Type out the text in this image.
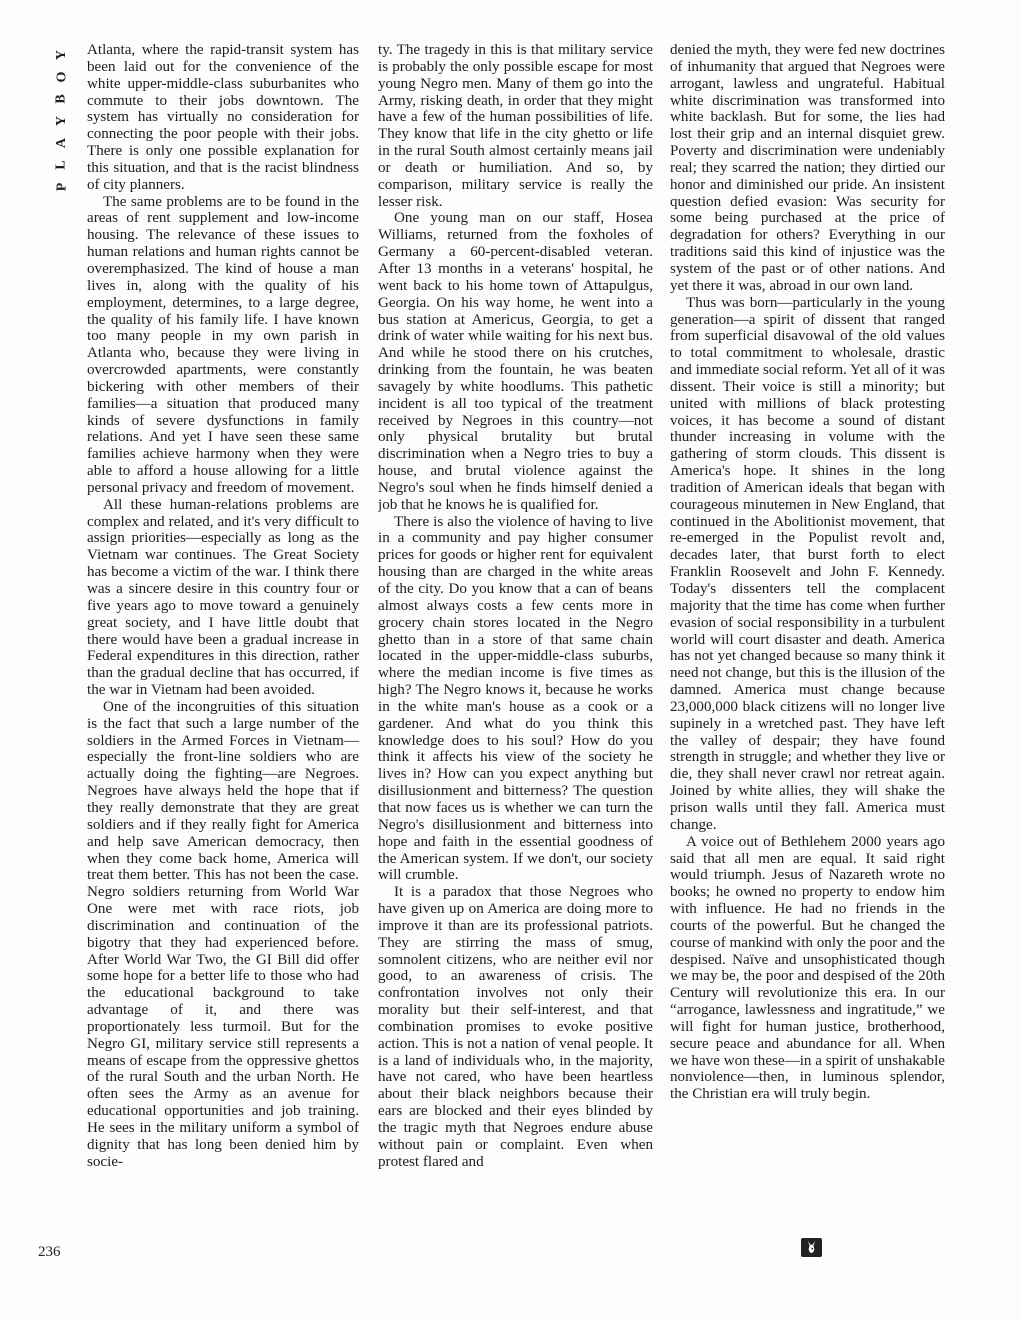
Y
O
B
Y
A
L
P

Atlanta, where the rapid-transit system has been laid out for the convenience of the white upper-middle-class suburbanites who commute to their jobs downtown. The system has virtually no consideration for connecting the poor people with their jobs. There is only one possible explanation for this situation, and that is the racist blindness of city planners.

The same problems are to be found in the areas of rent supplement and low-income housing. The relevance of these issues to human relations and human rights cannot be overemphasized. The kind of house a man lives in, along with the quality of his employment, determines, to a large degree, the quality of his family life. I have known too many people in my own parish in Atlanta who, because they were living in overcrowded apartments, were constantly bickering with other members of their families—a situation that produced many kinds of severe dysfunctions in family relations. And yet I have seen these same families achieve harmony when they were able to afford a house allowing for a little personal privacy and freedom of movement.

All these human-relations problems are complex and related, and it's very difficult to assign priorities—especially as long as the Vietnam war continues. The Great Society has become a victim of the war. I think there was a sincere desire in this country four or five years ago to move toward a genuinely great society, and I have little doubt that there would have been a gradual increase in Federal expenditures in this direction, rather than the gradual decline that has occurred, if the war in Vietnam had been avoided.

One of the incongruities of this situation is the fact that such a large number of the soldiers in the Armed Forces in Vietnam—especially the front-line soldiers who are actually doing the fighting—are Negroes. Negroes have always held the hope that if they really demonstrate that they are great soldiers and if they really fight for America and help save American democracy, then when they come back home, America will treat them better. This has not been the case. Negro soldiers returning from World War One were met with race riots, job discrimination and continuation of the bigotry that they had experienced before. After World War Two, the GI Bill did offer some hope for a better life to those who had the educational background to take advantage of it, and there was proportionately less turmoil. But for the Negro GI, military service still represents a means of escape from the oppressive ghettos of the rural South and the urban North. He often sees the Army as an avenue for educational opportunities and job training. He sees in the military uniform a symbol of dignity that has long been denied him by socie-

ty. The tragedy in this is that military service is probably the only possible escape for most young Negro men. Many of them go into the Army, risking death, in order that they might have a few of the human possibilities of life. They know that life in the city ghetto or life in the rural South almost certainly means jail or death or humiliation. And so, by comparison, military service is really the lesser risk.

One young man on our staff, Hosea Williams, returned from the foxholes of Germany a 60-percent-disabled veteran. After 13 months in a veterans' hospital, he went back to his home town of Attapulgus, Georgia. On his way home, he went into a bus station at Americus, Georgia, to get a drink of water while waiting for his next bus. And while he stood there on his crutches, drinking from the fountain, he was beaten savagely by white hoodlums. This pathetic incident is all too typical of the treatment received by Negroes in this country—not only physical brutality but brutal discrimination when a Negro tries to buy a house, and brutal violence against the Negro's soul when he finds himself denied a job that he knows he is qualified for.

There is also the violence of having to live in a community and pay higher consumer prices for goods or higher rent for equivalent housing than are charged in the white areas of the city. Do you know that a can of beans almost always costs a few cents more in grocery chain stores located in the Negro ghetto than in a store of that same chain located in the upper-middle-class suburbs, where the median income is five times as high? The Negro knows it, because he works in the white man's house as a cook or a gardener. And what do you think this knowledge does to his soul? How do you think it affects his view of the society he lives in? How can you expect anything but disillusionment and bitterness? The question that now faces us is whether we can turn the Negro's disillusionment and bitterness into hope and faith in the essential goodness of the American system. If we don't, our society will crumble.

It is a paradox that those Negroes who have given up on America are doing more to improve it than are its professional patriots. They are stirring the mass of smug, somnolent citizens, who are neither evil nor good, to an awareness of crisis. The confrontation involves not only their morality but their self-interest, and that combination promises to evoke positive action. This is not a nation of venal people. It is a land of individuals who, in the majority, have not cared, who have been heartless about their black neighbors because their ears are blocked and their eyes blinded by the tragic myth that Negroes endure abuse without pain or complaint. Even when protest flared and

denied the myth, they were fed new doctrines of inhumanity that argued that Negroes were arrogant, lawless and ungrateful. Habitual white discrimination was transformed into white backlash. But for some, the lies had lost their grip and an internal disquiet grew. Poverty and discrimination were undeniably real; they scarred the nation; they dirtied our honor and diminished our pride. An insistent question defied evasion: Was security for some being purchased at the price of degradation for others? Everything in our traditions said this kind of injustice was the system of the past or of other nations. And yet there it was, abroad in our own land.

Thus was born—particularly in the young generation—a spirit of dissent that ranged from superficial disavowal of the old values to total commitment to wholesale, drastic and immediate social reform. Yet all of it was dissent. Their voice is still a minority; but united with millions of black protesting voices, it has become a sound of distant thunder increasing in volume with the gathering of storm clouds. This dissent is America's hope. It shines in the long tradition of American ideals that began with courageous minutemen in New England, that continued in the Abolitionist movement, that re-emerged in the Populist revolt and, decades later, that burst forth to elect Franklin Roosevelt and John F. Kennedy. Today's dissenters tell the complacent majority that the time has come when further evasion of social responsibility in a turbulent world will court disaster and death. America has not yet changed because so many think it need not change, but this is the illusion of the damned. America must change because 23,000,000 black citizens will no longer live supinely in a wretched past. They have left the valley of despair; they have found strength in struggle; and whether they live or die, they shall never crawl nor retreat again. Joined by white allies, they will shake the prison walls until they fall. America must change.

A voice out of Bethlehem 2000 years ago said that all men are equal. It said right would triumph. Jesus of Nazareth wrote no books; he owned no property to endow him with influence. He had no friends in the courts of the powerful. But he changed the course of mankind with only the poor and the despised. Naïve and unsophisticated though we may be, the poor and despised of the 20th Century will revolutionize this era. In our “arrogance, lawlessness and ingratitude,” we will fight for human justice, brotherhood, secure peace and abundance for all. When we have won these—in a spirit of unshakable nonviolence—then, in luminous splendor, the Christian era will truly begin.

236
